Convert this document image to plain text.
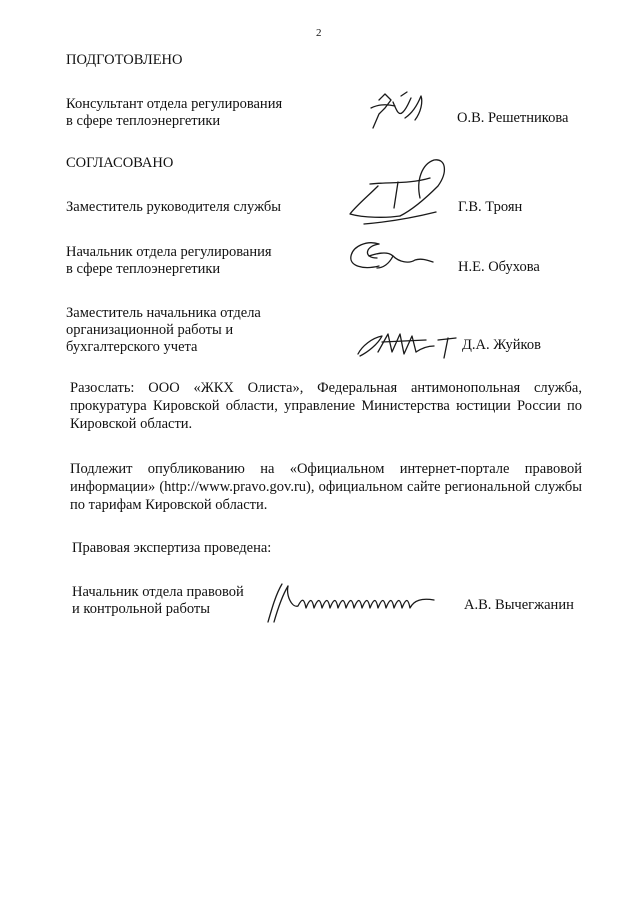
2
ПОДГОТОВЛЕНО
Консультант отдела регулирования
в сфере теплоэнергетики	О.В. Решетникова
СОГЛАСОВАНО
Заместитель руководителя службы	Г.В. Троян
Начальник отдела регулирования
в сфере теплоэнергетики	Н.Е. Обухова
Заместитель начальника отдела
организационной работы и
бухгалтерского учета	Д.А. Жуйков
Разослать: ООО «ЖКХ Олиста», Федеральная антимонопольная служба, прокуратура Кировской области, управление Министерства юстиции России по Кировской области.
Подлежит опубликованию на «Официальном интернет-портале правовой информации» (http://www.pravo.gov.ru), официальном сайте региональной службы по тарифам Кировской области.
Правовая экспертиза проведена:
Начальник отдела правовой
и контрольной работы	А.В. Вычегжанин
